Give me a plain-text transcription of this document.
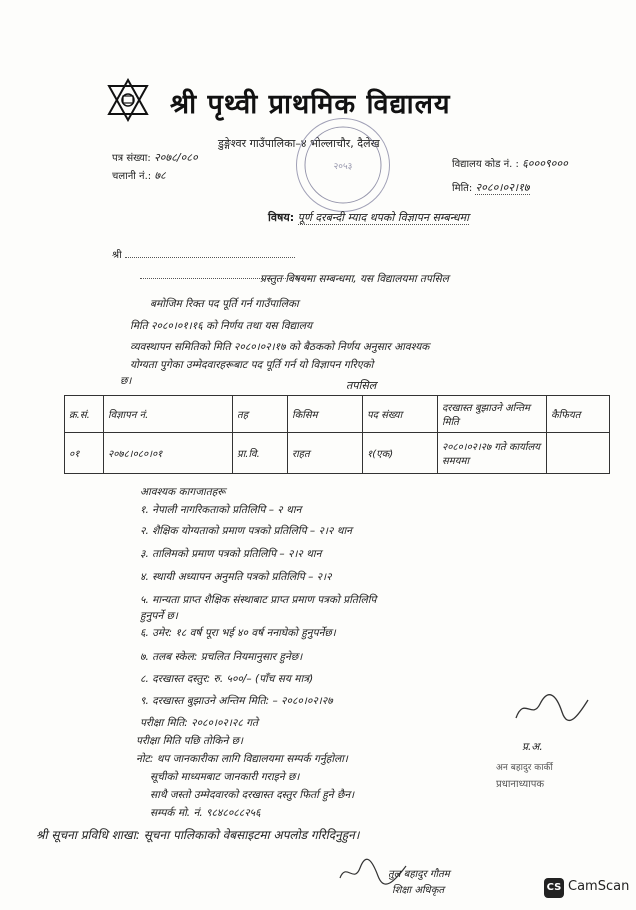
श्री पृथ्वी प्राथमिक विद्यालय
डुङ्गेश्वर गाउँपालिका–४ भोल्लाचौर, दैलेख
२०५३
पत्र संख्या: २०७८/०८०
चलानी नं.: ७८
विद्यालय कोड नं. : ६०००९०००
मिति: २०८०।०२।१७
विषय: पूर्ण दरबन्दी म्याद थपको विज्ञापन सम्बन्धमा
श्री
प्रस्तुत विषयमा सम्बन्धमा, यस विद्यालयमा तपसिल
बमोजिम रिक्त पद पूर्ति गर्न गाउँपालिका
मिति २०८०।०१।१६ को निर्णय तथा यस विद्यालय
व्यवस्थापन समितिको मिति २०८०।०२।१७ को बैठकको निर्णय अनुसार आवश्यक
योग्यता पुगेका उम्मेदवारहरूबाट पद पूर्ति गर्न यो विज्ञापन गरिएको
छ।	तपसिल
क्र.सं.	विज्ञापन नं.	तह	किसिम	पद संख्या	दरखास्त बुझाउने अन्तिम मिति	कैफियत
०१	२०७८।०८०।०१	प्रा.वि.	राहत	१(एक)	२०८०।०२।२७ गते कार्यालय समयमा	
आवश्यक कागजातहरू
१. नेपाली नागरिकताको प्रतिलिपि – २ थान
२. शैक्षिक योग्यताको प्रमाण पत्रको प्रतिलिपि – २।२ थान
३. तालिमको प्रमाण पत्रको प्रतिलिपि – २।२ थान
४. स्थायी अध्यापन अनुमति पत्रको प्रतिलिपि – २।२
५. मान्यता प्राप्त शैक्षिक संस्थाबाट प्राप्त प्रमाण पत्रको प्रतिलिपि
हुनुपर्ने छ।
६. उमेर: १८ वर्ष पूरा भई ४० वर्ष ननाघेको हुनुपर्नेछ।
७. तलब स्केल: प्रचलित नियमानुसार हुनेछ।
८. दरखास्त दस्तुर: रु. ५००/– (पाँच सय मात्र)
९. दरखास्त बुझाउने अन्तिम मिति: – २०८०।०२।२७
परीक्षा मिति: २०८०।०२।२८ गते
परीक्षा मिति पछि तोकिने छ।
नोट: थप जानकारीका लागि विद्यालयमा सम्पर्क गर्नुहोला।
सूचीको माध्यमबाट जानकारी गराइने छ।
साथै जस्तो उम्मेदवारको दरखास्त दस्तुर फिर्ता हुने छैन।
सम्पर्क मो. नं. ९८४८०८८२५६
प्र.अ.
अन बहादुर कार्की
प्रधानाध्यापक
श्री सूचना प्रविधि शाखा: सूचना पालिकाको वेबसाइटमा अपलोड गरिदिनुहुन।
तुल बहादुर गौतम
शिक्षा अधिकृत	CS CamScan
